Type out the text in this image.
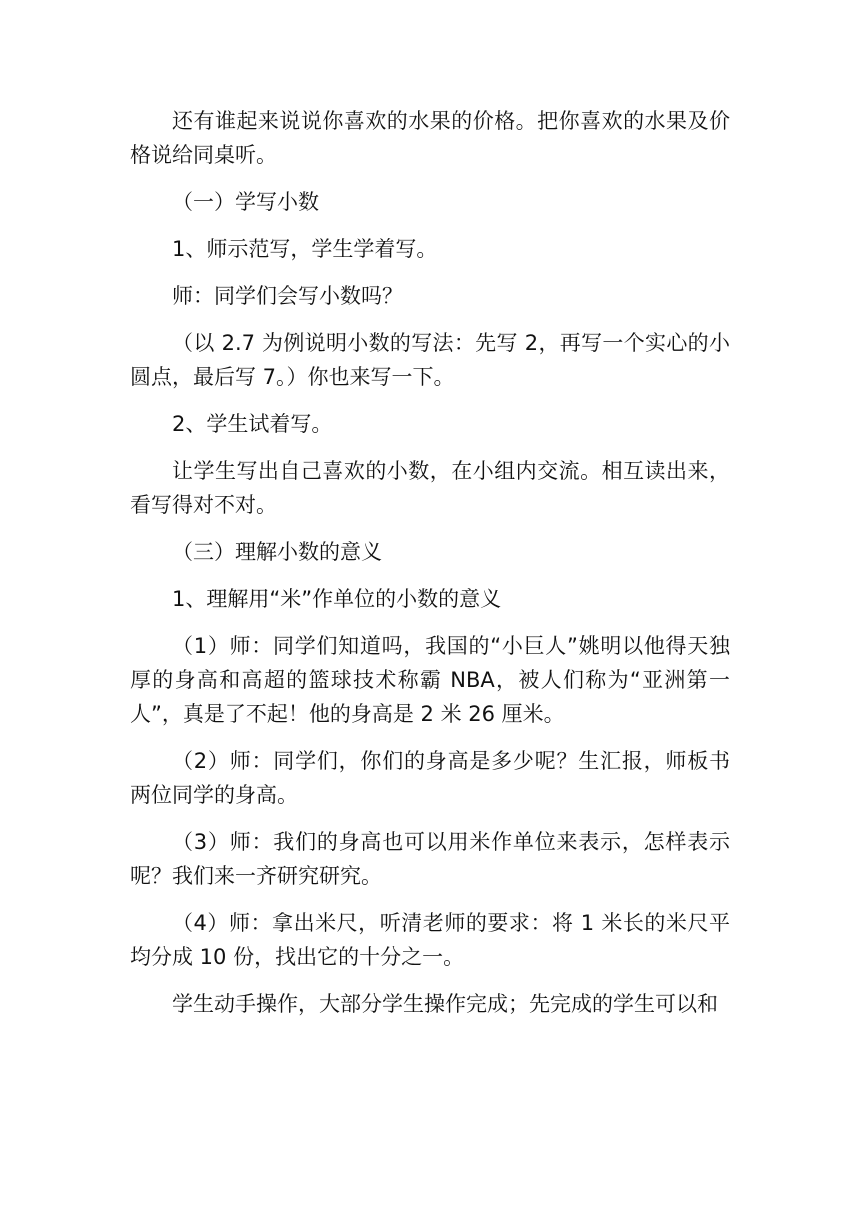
还有谁起来说说你喜欢的水果的价格。把你喜欢的水果及价格说给同桌听。

（一）学写小数

1、师示范写，学生学着写。

师：同学们会写小数吗？

（以 2.7 为例说明小数的写法：先写 2，再写一个实心的小圆点，最后写 7。）你也来写一下。

2、学生试着写。

让学生写出自己喜欢的小数，在小组内交流。相互读出来，看写得对不对。

（三）理解小数的意义

1、理解用“米”作单位的小数的意义

（1）师：同学们知道吗，我国的“小巨人”姚明以他得天独厚的身高和高超的篮球技术称霸 NBA，被人们称为“亚洲第一人”，真是了不起！他的身高是 2 米 26 厘米。

（2）师：同学们，你们的身高是多少呢？生汇报，师板书两位同学的身高。

（3）师：我们的身高也可以用米作单位来表示，怎样表示呢？我们来一齐研究研究。

（4）师：拿出米尺，听清老师的要求：将 1 米长的米尺平均分成 10 份，找出它的十分之一。

学生动手操作，大部分学生操作完成；先完成的学生可以和
